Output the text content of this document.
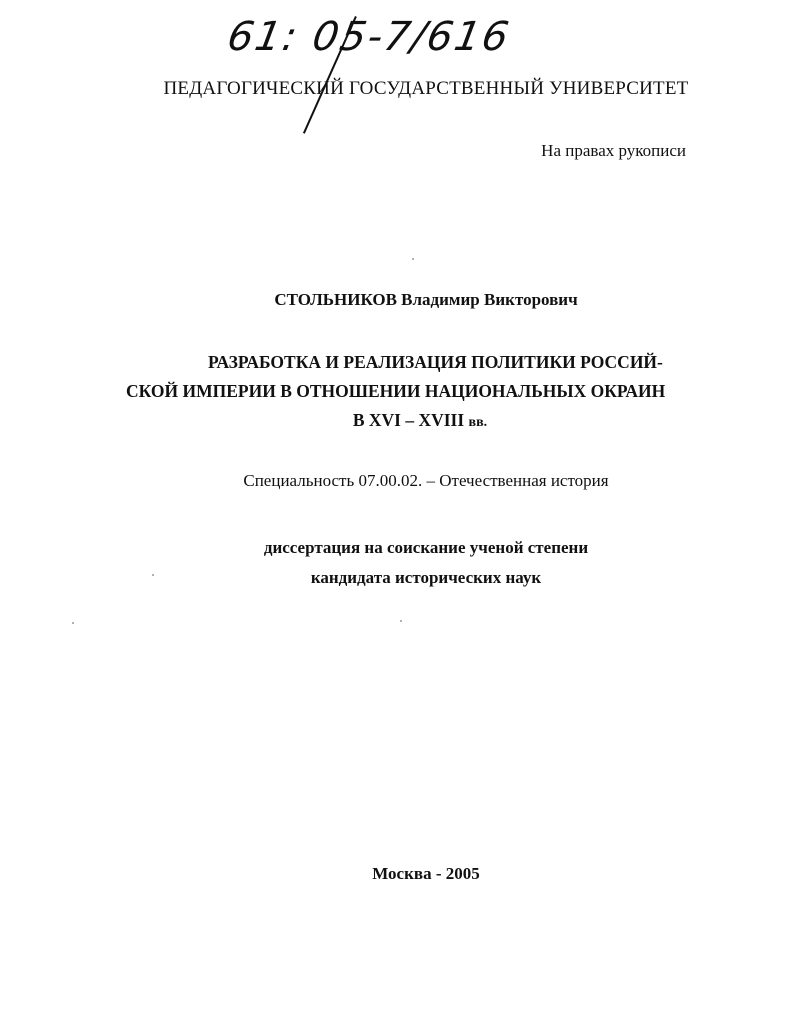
61: 05-7/616
ПЕДАГОГИЧЕСКИЙ ГОСУДАРСТВЕННЫЙ УНИВЕРСИТЕТ
На правах рукописи
СТОЛЬНИКОВ Владимир Викторович
РАЗРАБОТКА И РЕАЛИЗАЦИЯ ПОЛИТИКИ РОССИЙ-
СКОЙ ИМПЕРИИ В ОТНОШЕНИИ НАЦИОНАЛЬНЫХ ОКРАИН
В XVI – XVIII вв.
Специальность 07.00.02. – Отечественная история
диссертация на соискание ученой степени
кандидата исторических наук
Москва - 2005
